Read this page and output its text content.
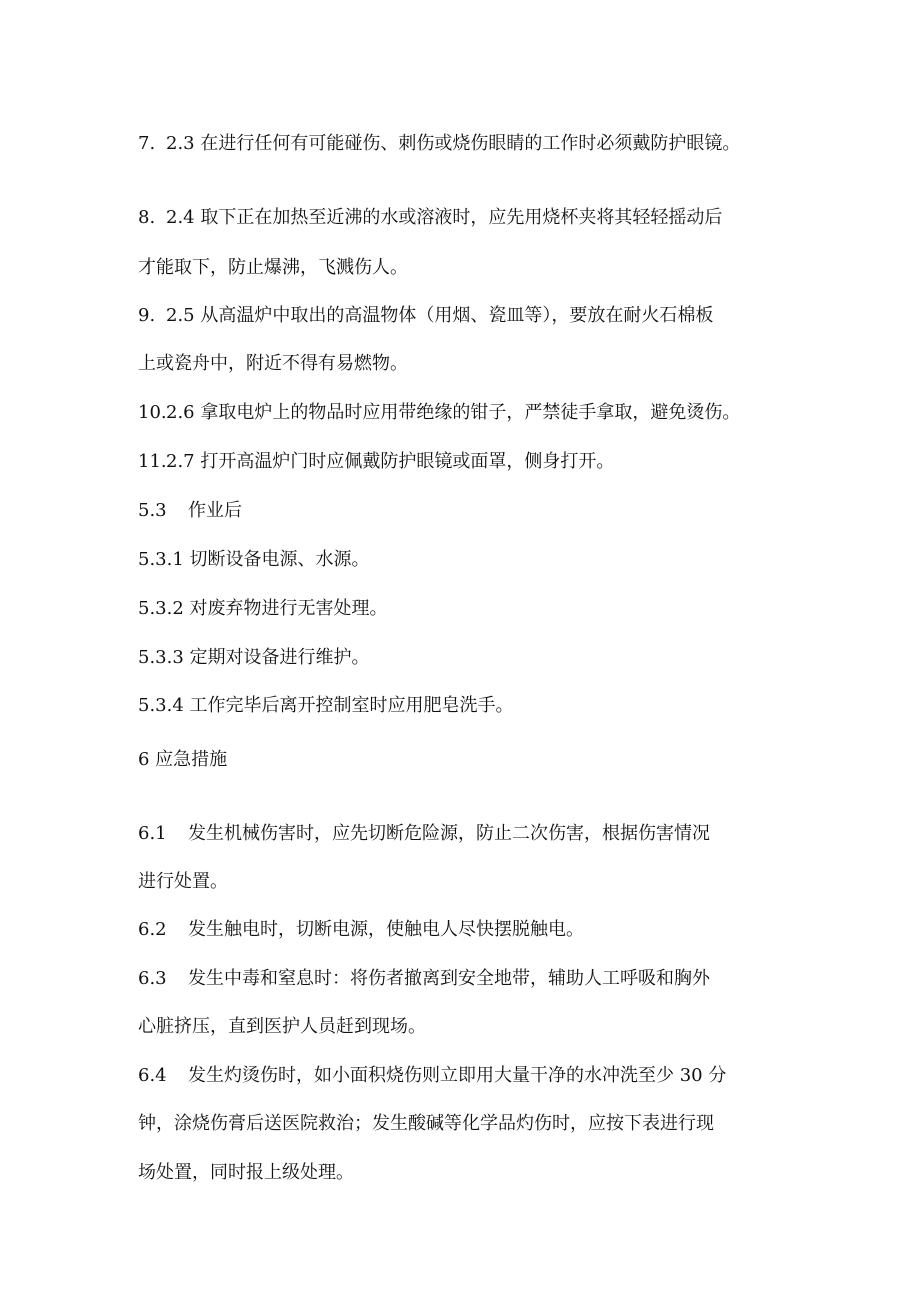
7. 2.3 在进行任何有可能碰伤、刺伤或烧伤眼睛的工作时必须戴防护眼镜。

8. 2.4 取下正在加热至近沸的水或溶液时，应先用烧杯夹将其轻轻摇动后

才能取下，防止爆沸，飞溅伤人。

9. 2.5 从高温炉中取出的高温物体（用烟、瓷皿等），要放在耐火石棉板

上或瓷舟中，附近不得有易燃物。

10.2.6 拿取电炉上的物品时应用带绝缘的钳子，严禁徒手拿取，避免烫伤。

11.2.7 打开高温炉门时应佩戴防护眼镜或面罩，侧身打开。

5.3 作业后

5.3.1 切断设备电源、水源。

5.3.2 对废弃物进行无害处理。

5.3.3 定期对设备进行维护。

5.3.4 工作完毕后离开控制室时应用肥皂洗手。

6 应急措施

6.1 发生机械伤害时，应先切断危险源，防止二次伤害，根据伤害情况

进行处置。

6.2 发生触电时，切断电源，使触电人尽快摆脱触电。

6.3 发生中毒和窒息时：将伤者撤离到安全地带，辅助人工呼吸和胸外

心脏挤压，直到医护人员赶到现场。

6.4 发生灼烫伤时，如小面积烧伤则立即用大量干净的水冲洗至少 30 分

钟，涂烧伤膏后送医院救治；发生酸碱等化学品灼伤时，应按下表进行现

场处置，同时报上级处理。
